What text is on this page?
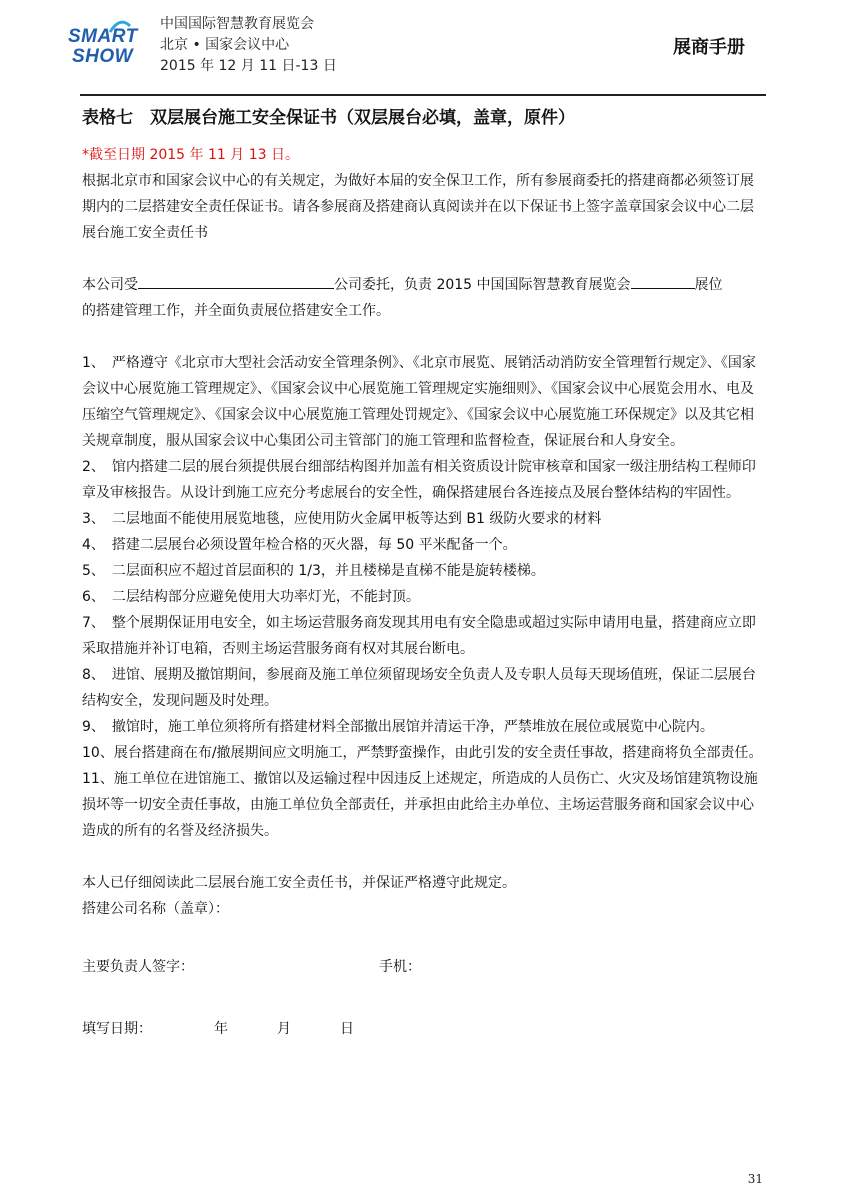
SMART
SHOW
中国国际智慧教育展览会
北京 • 国家会议中心
2015 年 12 月 11 日-13 日
展商手册
表格七　双层展台施工安全保证书（双层展台必填，盖章，原件）
*截至日期 2015 年 11 月 13 日。

根据北京市和国家会议中心的有关规定，为做好本届的安全保卫工作，所有参展商委托的搭建商都必须签订展期内的二层搭建安全责任保证书。请各参展商及搭建商认真阅读并在以下保证书上签字盖章国家会议中心二层展台施工安全责任书

本公司受	公司委托，负责 2015 中国国际智慧教育展览会	展位
的搭建管理工作，并全面负责展位搭建安全工作。

1、　严格遵守《北京市大型社会活动安全管理条例》、《北京市展览、展销活动消防安全管理暂行规定》、《国家会议中心展览施工管理规定》、《国家会议中心展览施工管理规定实施细则》、《国家会议中心展览会用水、电及压缩空气管理规定》、《国家会议中心展览施工管理处罚规定》、《国家会议中心展览施工环保规定》以及其它相关规章制度，服从国家会议中心集团公司主管部门的施工管理和监督检查，保证展台和人身安全。

2、　馆内搭建二层的展台须提供展台细部结构图并加盖有相关资质设计院审核章和国家一级注册结构工程师印章及审核报告。从设计到施工应充分考虑展台的安全性，确保搭建展台各连接点及展台整体结构的牢固性。

3、　二层地面不能使用展览地毯，应使用防火金属甲板等达到 B1 级防火要求的材料

4、　搭建二层展台必须设置年检合格的灭火器，每 50 平米配备一个。

5、　二层面积应不超过首层面积的 1/3，并且楼梯是直梯不能是旋转楼梯。

6、　二层结构部分应避免使用大功率灯光，不能封顶。

7、　整个展期保证用电安全，如主场运营服务商发现其用电有安全隐患或超过实际申请用电量，搭建商应立即采取措施并补订电箱，否则主场运营服务商有权对其展台断电。

8、　进馆、展期及撤馆期间，参展商及施工单位须留现场安全负责人及专职人员每天现场值班，保证二层展台结构安全，发现问题及时处理。

9、　撤馆时，施工单位须将所有搭建材料全部撤出展馆并清运干净，严禁堆放在展位或展览中心院内。

10、展台搭建商在布/撤展期间应文明施工，严禁野蛮操作，由此引发的安全责任事故，搭建商将负全部责任。

11、施工单位在进馆施工、撤馆以及运输过程中因违反上述规定，所造成的人员伤亡、火灾及场馆建筑物设施损坏等一切安全责任事故，由施工单位负全部责任，并承担由此给主办单位、主场运营服务商和国家会议中心造成的所有的名誉及经济损失。

本人已仔细阅读此二层展台施工安全责任书，并保证严格遵守此规定。

搭建公司名称（盖章）：

主要负责人签字：	手机：
填写日期：	年	月	日
31
